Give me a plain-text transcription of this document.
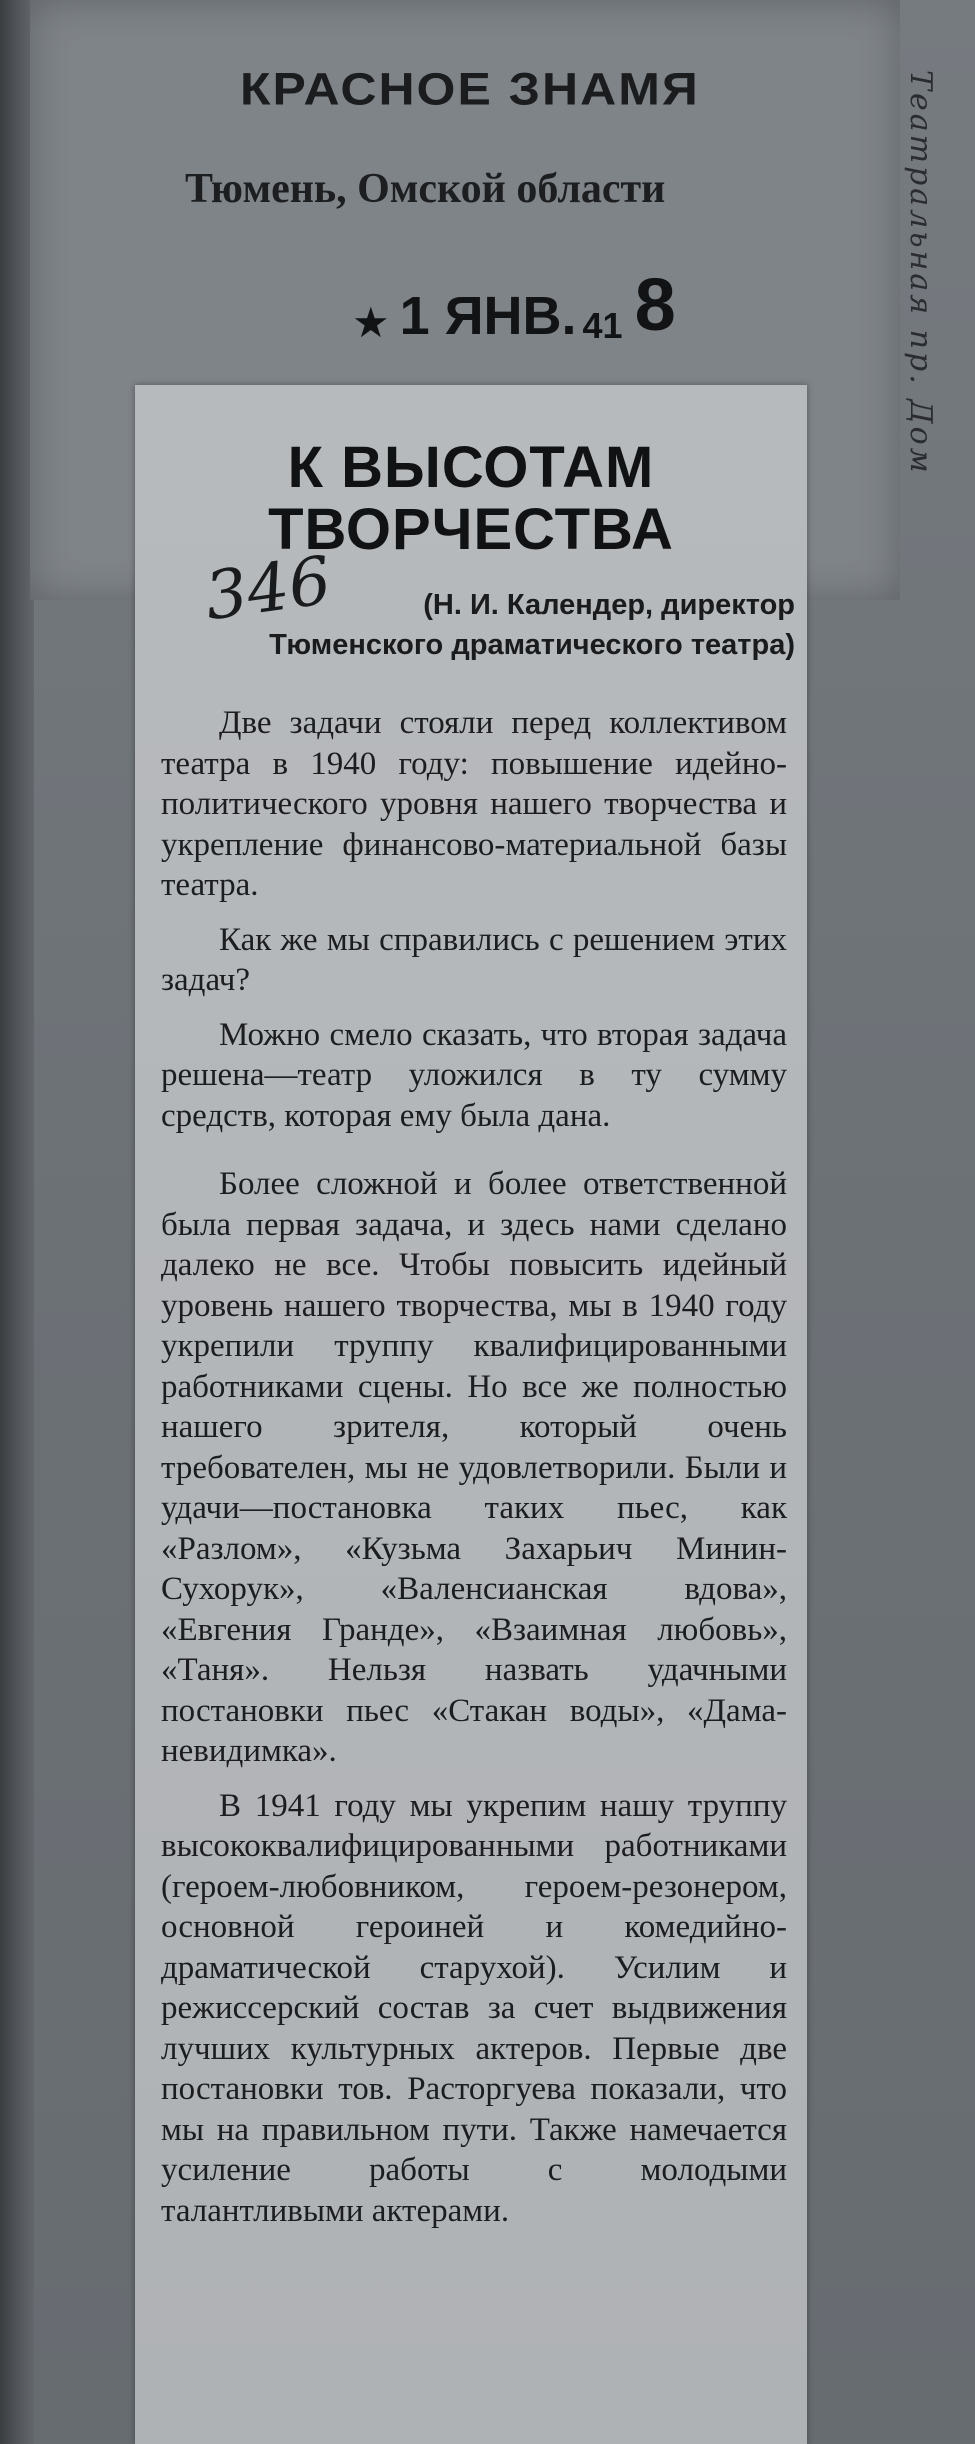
КРАСНОЕ ЗНАМЯ
Тюмень, Омской области
★ 1 ЯНВ. 41 8	Театральная пр. Дом
К ВЫСОТАМ
ТВОРЧЕСТВА
346	(Н. И. Календер, директор
Тюменского драматического театра)

Две задачи стояли перед коллективом театра в 1940 году: повышение идейно-политического уровня нашего творчества и укрепление финансово-материальной базы театра.

Как же мы справились с решением этих задач?

Можно смело сказать, что вторая задача решена—театр уложился в ту сумму средств, которая ему была дана.

Более сложной и более ответственной была первая задача, и здесь нами сделано далеко не все. Чтобы повысить идейный уровень нашего творчества, мы в 1940 году укрепили труппу квалифицированными работниками сцены. Но все же полностью нашего зрителя, который очень требователен, мы не удовлетворили. Были и удачи—постановка таких пьес, как «Разлом», «Кузьма Захарьич Минин-Сухорук», «Валенсианская вдова», «Евгения Гранде», «Взаимная любовь», «Таня». Нельзя назвать удачными постановки пьес «Стакан воды», «Дама-невидимка».

В 1941 году мы укрепим нашу труппу высококвалифицированными работниками (героем-любовником, героем-резонером, основной героиней и комедийно-драматической старухой). Усилим и режиссерский состав за счет выдвижения лучших культурных актеров. Первые две постановки тов. Расторгуева показали, что мы на правильном пути. Также намечается усиление работы с молодыми талантливыми актерами.
